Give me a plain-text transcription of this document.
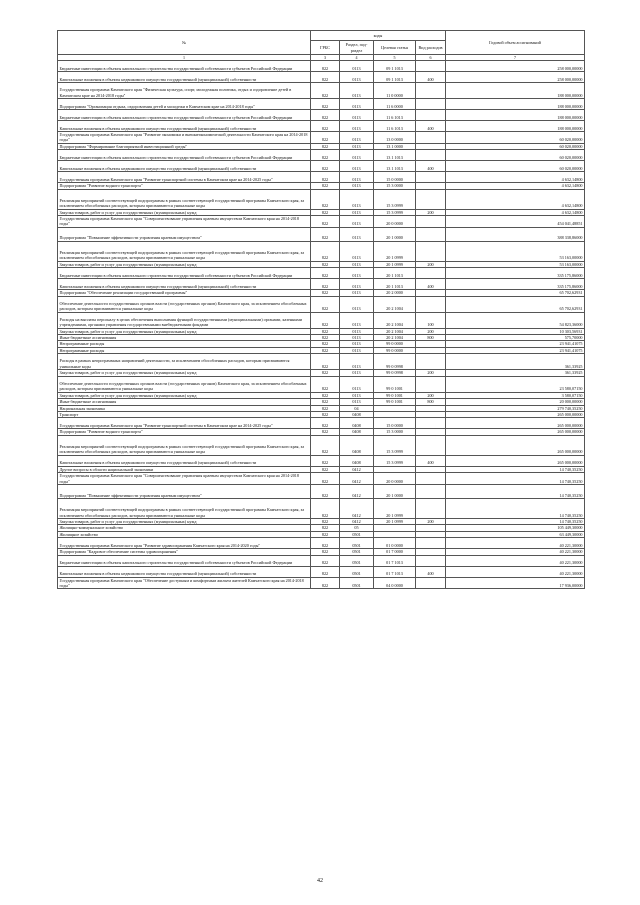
№	коды				Годовой объем ассигнований
	ГРБС	Раздел, под-раздел	Целевая статья	Вид расходов	
1	3	4	5	6	7
Бюджетные инвестиции в объекты капитального строительства государственной собственности субъектов Российской Федерации	822	0113	09 1 1013		258 000,00000
Капитальные вложения в объекты недвижимого имущества государственной (муниципальной) собственности	822	0113	09 1 1013	400	258 000,00000
Государственная программа Камчатского края "Физическая культура, спорт, молодежная политика, отдых и оздоровление детей в Камчатском крае на 2014-2018 годы"	822	0113	11 0 0000		188 000,00000
Подпрограмма "Организация отдыха, оздоровления детей и молодежи в Камчатском крае на 2014-2018 годы"	822	0113	11 6 0000		188 000,00000
Бюджетные инвестиции в объекты капитального строительства государственной собственности субъектов Российской Федерации	822	0113	11 6 1013		188 000,00000
Капитальные вложения в объекты недвижимого имущества государственной (муниципальной) собственности	822	0113	11 6 1013	400	188 000,00000
Государственная программа Камчатского края "Развитие экономики и внешнеэкономической деятельности Камчатского края на 2014-2018 годы"	822	0113	13 0 0000		60 020,00000
Подпрограмма "Формирование благоприятной инвестиционной среды"	822	0113	13 1 0000		60 020,00000
Бюджетные инвестиции в объекты капитального строительства государственной собственности субъектов Российской Федерации	822	0113	13 1 1013		60 020,00000
Капитальные вложения в объекты недвижимого имущества государственной (муниципальной) собственности	822	0113	13 1 1013	400	60 020,00000
Государственная программа Камчатского края "Развитие транспортной системы в Камчатском крае на 2014-2025 годы"	822	0113	15 0 0000		4 632,14800
Подпрограмма "Развитие водного транспорта"	822	0113	15 3 0000		4 632,14800
Реализация мероприятий соответствующей подпрограммы в рамках соответствующей государственной программы Камчатского края, за исключением обособленных расходов, которым присваиваются уникальные коды	822	0113	15 3 0999		4 632,14800
Закупка товаров, работ и услуг для государственных (муниципальных) нужд	822	0113	15 3 0999	200	4 632,14800
Государственная программа Камчатского края "Совершенствование управления краевым имуществом Камчатского края на 2014-2018 годы"	822	0113	20 0 0000		454 041,48851
Подпрограмма "Повышение эффективности управления краевым имуществом"	822	0113	20 1 0000		388 338,86000
Реализация мероприятий соответствующей подпрограммы в рамках соответствующей государственной программы Камчатского края, за исключением обособленных расходов, которым присваиваются уникальные коды	822	0113	20 1 0999		53 163,00000
Закупка товаров, работ и услуг для государственных (муниципальных) нужд	822	0113	20 1 0999	200	53 163,00000
Бюджетные инвестиции в объекты капитального строительства государственной собственности субъектов Российской Федерации	822	0113	20 1 1013		335 175,86000
Капитальные вложения в объекты недвижимого имущества государственной (муниципальной) собственности	822	0113	20 1 1013	400	335 175,86000
Подпрограмма "Обеспечение реализации государственной программы"	822	0113	20 2 0000		65 702,62931
Обеспечение деятельности государственных органов власти (государственных органов) Камчатского края, за исключением обособленных расходов, которым присваиваются уникальные коды	822	0113	20 2 1004		65 702,62931
Расходы на выплаты персоналу в целях обеспечения выполнения функций государственными (муниципальными) органами, казенными учреждениями, органами управления государственными внебюджетными фондами	822	0113	20 2 1004	100	54 823,36000
Закупка товаров, работ и услуг для государственных (муниципальных) нужд	822	0113	20 2 1004	200	10 303,56931
Иные бюджетные ассигнования	822	0113	20 2 1004	800	575,70000
Непрограммные расходы	822	0113	99 0 0000		23 941,41075
Непрограммные расходы	822	0113	99 0 0000		23 941,41075
Расходы в рамках непрограммных направлений деятельности, за исключением обособленных расходов, которым присваиваются уникальные коды	822	0113	99 0 0998		361,33925
Закупка товаров, работ и услуг для государственных (муниципальных) нужд	822	0113	99 0 0998	200	361,33925
Обеспечение деятельности государственных органов власти (государственных органов) Камчатского края, за исключением обособленных расходов, которым присваиваются уникальные коды	822	0113	99 0 1001		23 580,07150
Закупка товаров, работ и услуг для государственных (муниципальных) нужд	822	0113	99 0 1001	200	3 580,07150
Иные бюджетные ассигнования	822	0113	99 0 1001	800	20 000,00000
Национальная экономика	822	04			279 740,35250
Транспорт	822	0408			265 000,00000
Государственная программа Камчатского края "Развитие транспортной системы в Камчатском крае на 2014-2025 годы"	822	0408	15 0 0000		265 000,00000
Подпрограмма "Развитие водного транспорта"	822	0408	15 3 0000		265 000,00000
Реализация мероприятий соответствующей подпрограммы в рамках соответствующей государственной программы Камчатского края, за исключением обособленных расходов, которым присваиваются уникальные коды	822	0408	15 3 0999		265 000,00000
Капитальные вложения в объекты недвижимого имущества государственной (муниципальной) собственности	822	0408	15 3 0999	400	265 000,00000
Другие вопросы в области национальной экономики	822	0412			14 740,35250
Государственная программа Камчатского края "Совершенствование управления краевым имуществом Камчатского края на 2014-2018 годы"	822	0412	20 0 0000		14 740,35250
Подпрограмма "Повышение эффективности управления краевым имуществом"	822	0412	20 1 0000		14 740,35250
Реализация мероприятий соответствующей подпрограммы в рамках соответствующей государственной программы Камчатского края, за исключением обособленных расходов, которым присваиваются уникальные коды	822	0412	20 1 0999		14 740,35250
Закупка товаров, работ и услуг для государственных (муниципальных) нужд	822	0412	20 1 0999	200	14 740,35250
Жилищно-коммунальное хозяйство	822	05			105 449,30000
Жилищное хозяйство	822	0501			63 449,30000
Государственная программа Камчатского края "Развитие здравоохранения Камчатского края на 2014-2020 годы"	822	0501	01 0 0000		40 221,30000
Подпрограмма "Кадровое обеспечение системы здравоохранения"	822	0501	01 7 0000		40 221,30000
Бюджетные инвестиции в объекты капитального строительства государственной собственности субъектов Российской Федерации	822	0501	01 7 1013		40 221,30000
Капитальные вложения в объекты недвижимого имущества государственной (муниципальной) собственности	822	0501	01 7 1013	400	40 221,30000
Государственная программа Камчатского края "Обеспечение доступным и комфортным жильем жителей Камчатского края на 2014-2018 годы"	822	0501	04 0 0000		17 936,00000
42
